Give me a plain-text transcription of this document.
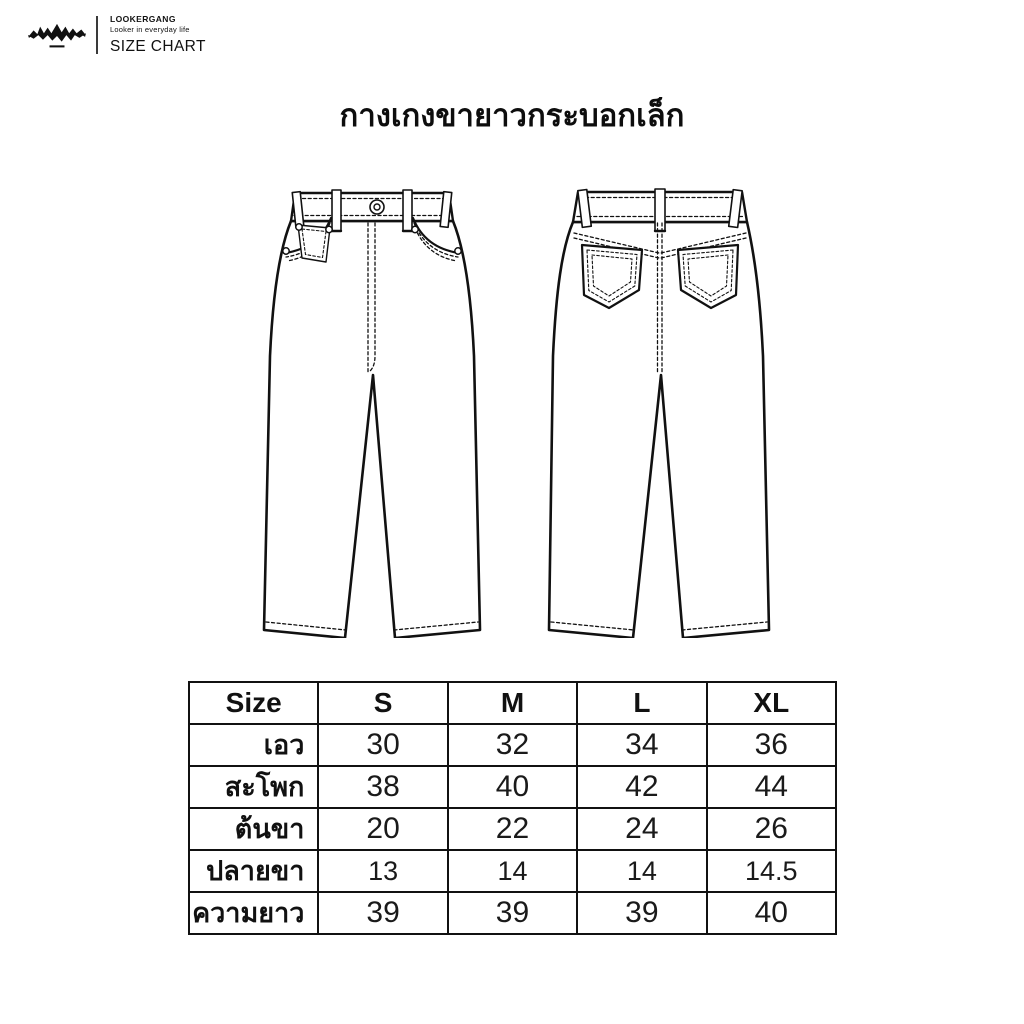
LOOKERGANG
Looker in everyday life
SIZE CHART
กางเกงขายาวกระบอกเล็ก
Size	S	M	L	XL
เอว	30	32	34	36
สะโพก	38	40	42	44
ต้นขา	20	22	24	26
ปลายขา	13	14	14	14.5
ความยาว	39	39	39	40
